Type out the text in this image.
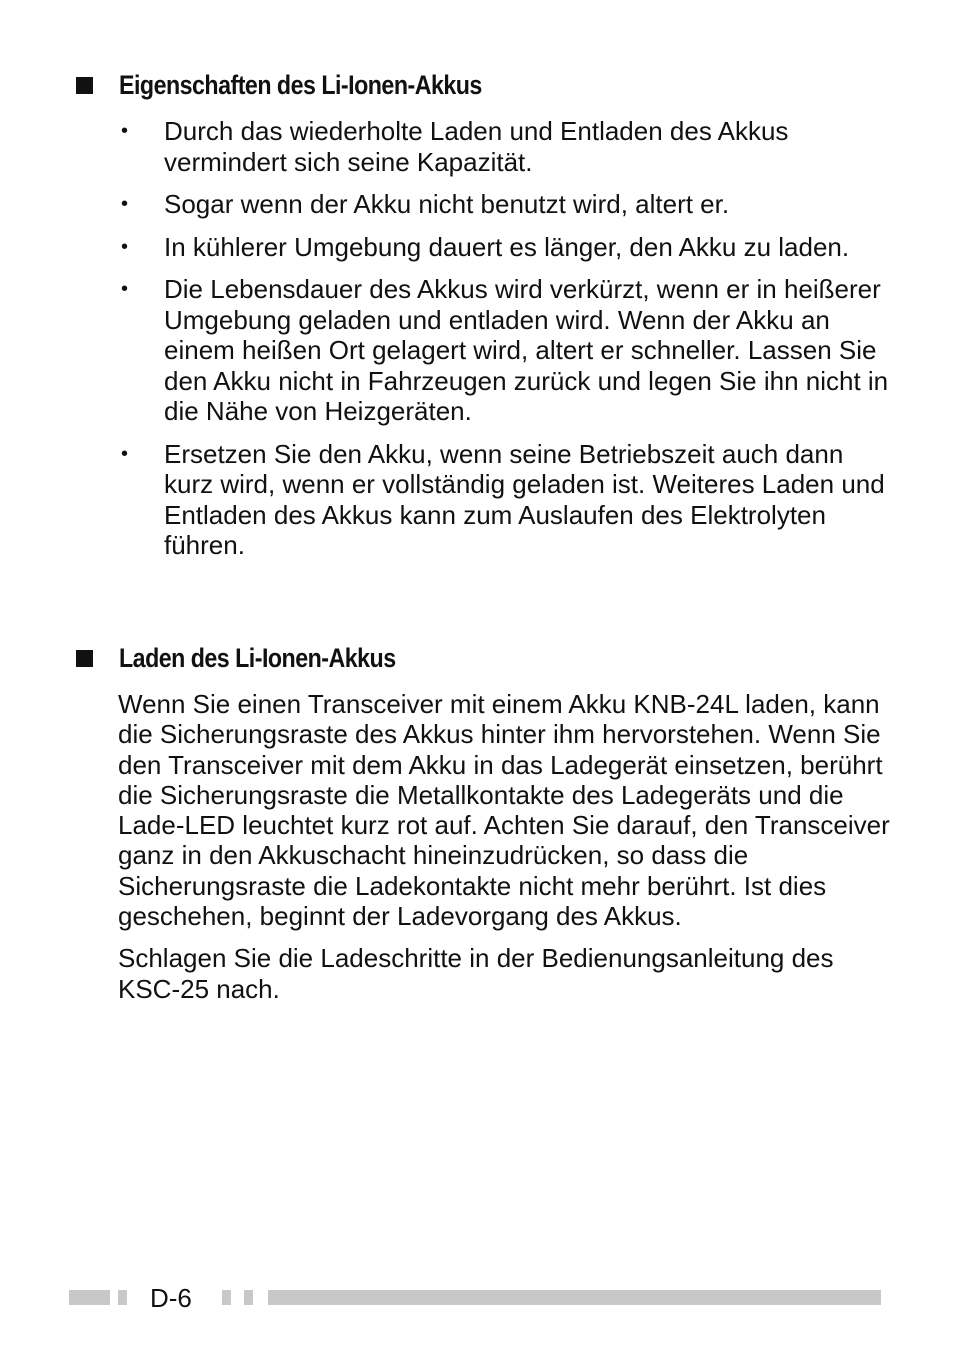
Eigenschaften des Li-Ionen-Akkus
• Durch das wiederholte Laden und Entladen des Akkus vermindert sich seine Kapazität.
• Sogar wenn der Akku nicht benutzt wird, altert er.
• In kühlerer Umgebung dauert es länger, den Akku zu laden.
• Die Lebensdauer des Akkus wird verkürzt, wenn er in heißerer Umgebung geladen und entladen wird. Wenn der Akku an einem heißen Ort gelagert wird, altert er schneller. Lassen Sie den Akku nicht in Fahrzeugen zurück und legen Sie ihn nicht in die Nähe von Heizgeräten.
• Ersetzen Sie den Akku, wenn seine Betriebszeit auch dann kurz wird, wenn er vollständig geladen ist. Weiteres Laden und Entladen des Akkus kann zum Auslaufen des Elektrolyten führen.
Laden des Li-Ionen-Akkus

Wenn Sie einen Transceiver mit einem Akku KNB-24L laden, kann die Sicherungsraste des Akkus hinter ihm hervorstehen. Wenn Sie den Transceiver mit dem Akku in das Ladegerät einsetzen, berührt die Sicherungsraste die Metallkontakte des Ladegeräts und die Lade-LED leuchtet kurz rot auf. Achten Sie darauf, den Transceiver ganz in den Akkuschacht hineinzudrücken, so dass die Sicherungsraste die Ladekontakte nicht mehr berührt. Ist dies geschehen, beginnt der Ladevorgang des Akkus.

Schlagen Sie die Ladeschritte in der Bedienungsanleitung des KSC-25 nach.

D-6
